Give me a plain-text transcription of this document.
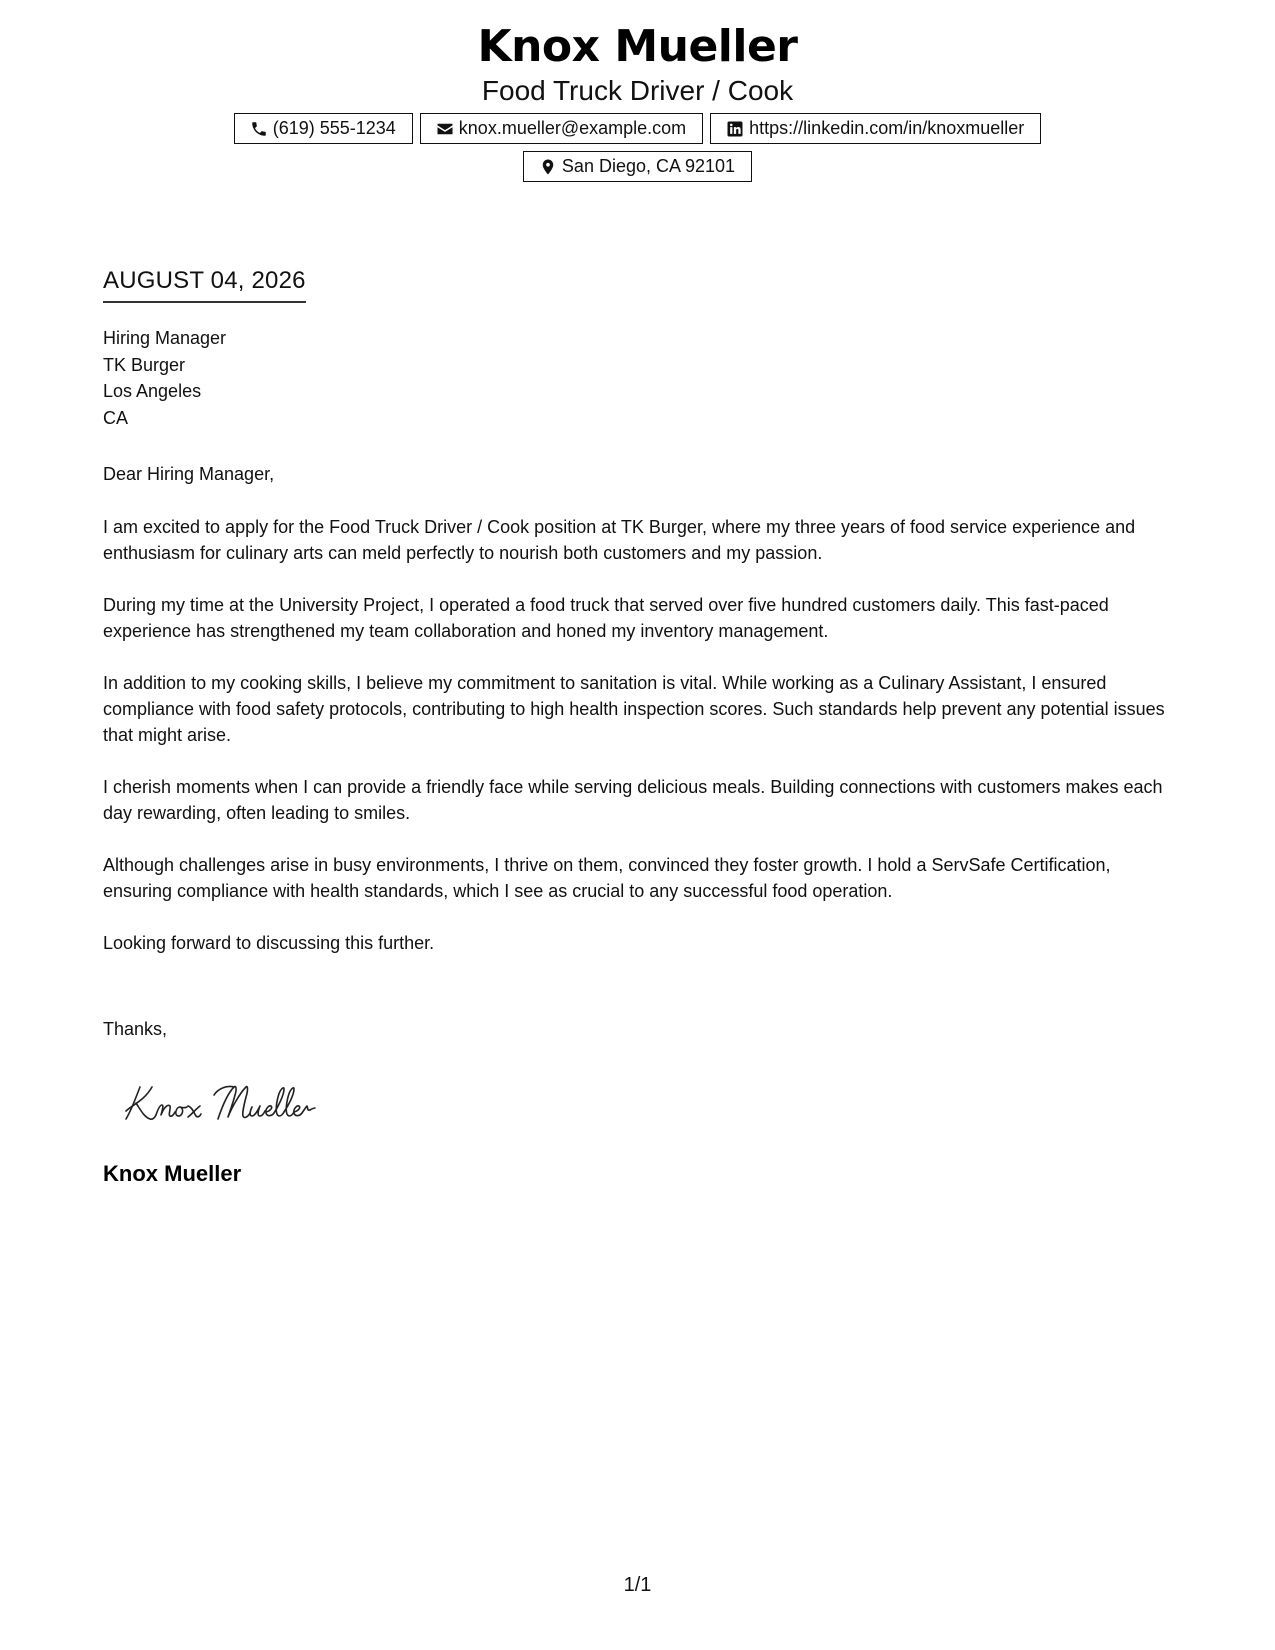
Knox Mueller
Food Truck Driver / Cook
(619) 555-1234	knox.mueller@example.com	https://linkedin.com/in/knoxmueller
San Diego, CA 92101
AUGUST 04, 2026
Hiring Manager
TK Burger
Los Angeles
CA
Dear Hiring Manager,

I am excited to apply for the Food Truck Driver / Cook position at TK Burger, where my three years of food service experience and enthusiasm for culinary arts can meld perfectly to nourish both customers and my passion.

During my time at the University Project, I operated a food truck that served over five hundred customers daily. This fast-paced experience has strengthened my team collaboration and honed my inventory management.

In addition to my cooking skills, I believe my commitment to sanitation is vital. While working as a Culinary Assistant, I ensured compliance with food safety protocols, contributing to high health inspection scores. Such standards help prevent any potential issues that might arise.

I cherish moments when I can provide a friendly face while serving delicious meals. Building connections with customers makes each day rewarding, often leading to smiles.

Although challenges arise in busy environments, I thrive on them, convinced they foster growth. I hold a ServSafe Certification, ensuring compliance with health standards, which I see as crucial to any successful food operation.

Looking forward to discussing this further.

Thanks,
Knox Mueller
1/1
